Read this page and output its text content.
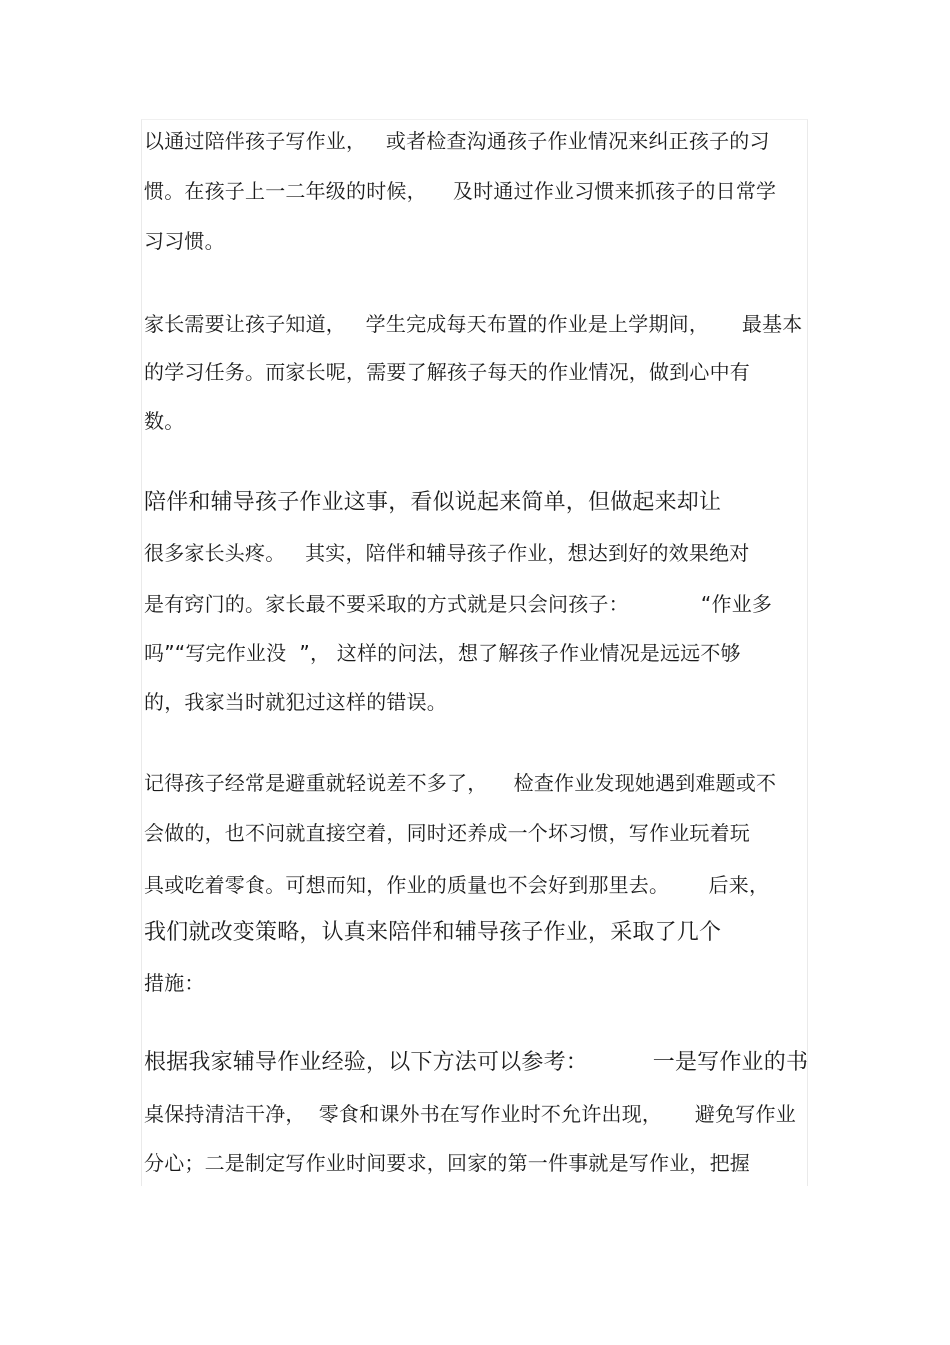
以通过陪伴孩子写作业，   或者检查沟通孩子作业情况来纠正孩子的习
惯。在孩子上一二年级的时候，    及时通过作业习惯来抓孩子的日常学
习习惯。
家长需要让孩子知道，   学生完成每天布置的作业是上学期间，     最基本
的学习任务。而家长呢，需要了解孩子每天的作业情况，做到心中有
数。
陪伴和辅导孩子作业这事，看似说起来简单，但做起来却让
很多家长头疼。   其实，陪伴和辅导孩子作业，想达到好的效果绝对
是有窍门的。家长最不要采取的方式就是只会问孩子：           “作业多
吗”“写完作业没  ”， 这样的问法，想了解孩子作业情况是远远不够
的，我家当时就犯过这样的错误。
记得孩子经常是避重就轻说差不多了，    检查作业发现她遇到难题或不
会做的，也不问就直接空着，同时还养成一个坏习惯，写作业玩着玩
具或吃着零食。可想而知，作业的质量也不会好到那里去。      后来，
我们就改变策略，认真来陪伴和辅导孩子作业，采取了几个
措施：
根据我家辅导作业经验，以下方法可以参考：         一是写作业的书
桌保持清洁干净，  零食和课外书在写作业时不允许出现，     避免写作业
分心；二是制定写作业时间要求，回家的第一件事就是写作业，把握
